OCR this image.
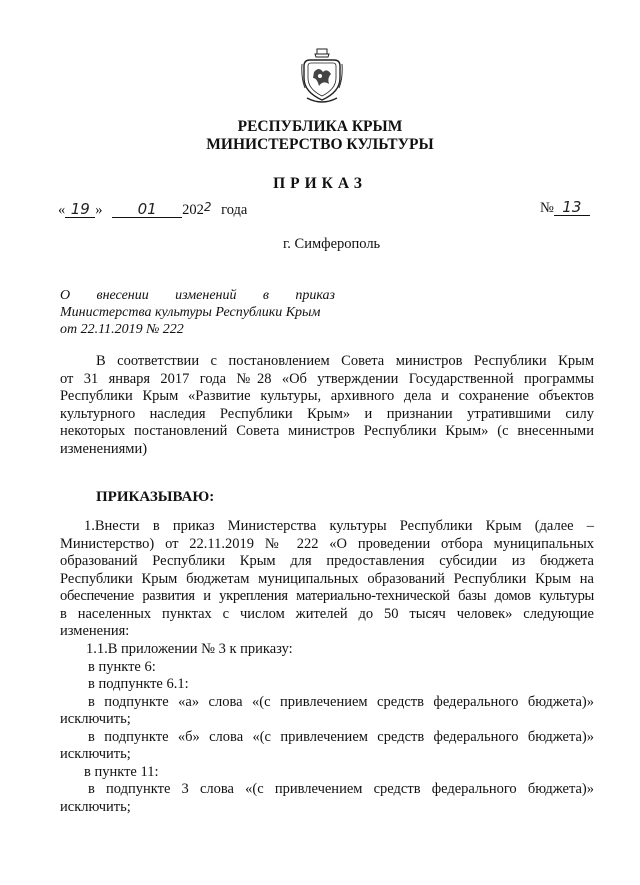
РЕСПУБЛИКА КРЫМ
МИНИСТЕРСТВО КУЛЬТУРЫ
ПРИКАЗ
« 19 » 01 $202^2$ года	№ 13
г. Симферополь
О внесении изменений в приказ
Министерства культуры Республики Крым
от 22.11.2019 № 222
В соответствии с постановлением Совета министров Республики Крым
от 31 января 2017 года №28 «Об утверждении Государственной программы
Республики Крым «Развитие культуры, архивного дела и сохранение объектов
культурного наследия Республики Крым» и признании утратившими силу
некоторых постановлений Совета министров Республики Крым» (с внесенными
изменениями)
ПРИКАЗЫВАЮ:
1.Внести в приказ Министерства культуры Республики Крым (далее –
Министерство) от 22.11.2019 № 222 «О проведении отбора муниципальных
образований Республики Крым для предоставления субсидии из бюджета
Республики Крым бюджетам муниципальных образований Республики Крым на
обеспечение развития и укрепления материально-технической базы домов культуры
в населенных пунктах с числом жителей до 50 тысяч человек» следующие
изменения:
1.1.В приложении № 3 к приказу:
в пункте 6:
в подпункте 6.1:
в подпункте «а» слова «(с привлечением средств федерального бюджета)»
исключить;
в подпункте «б» слова «(с привлечением средств федерального бюджета)»
исключить;
в пункте 11:
в подпункте 3 слова «(с привлечением средств федерального бюджета)»
исключить;
